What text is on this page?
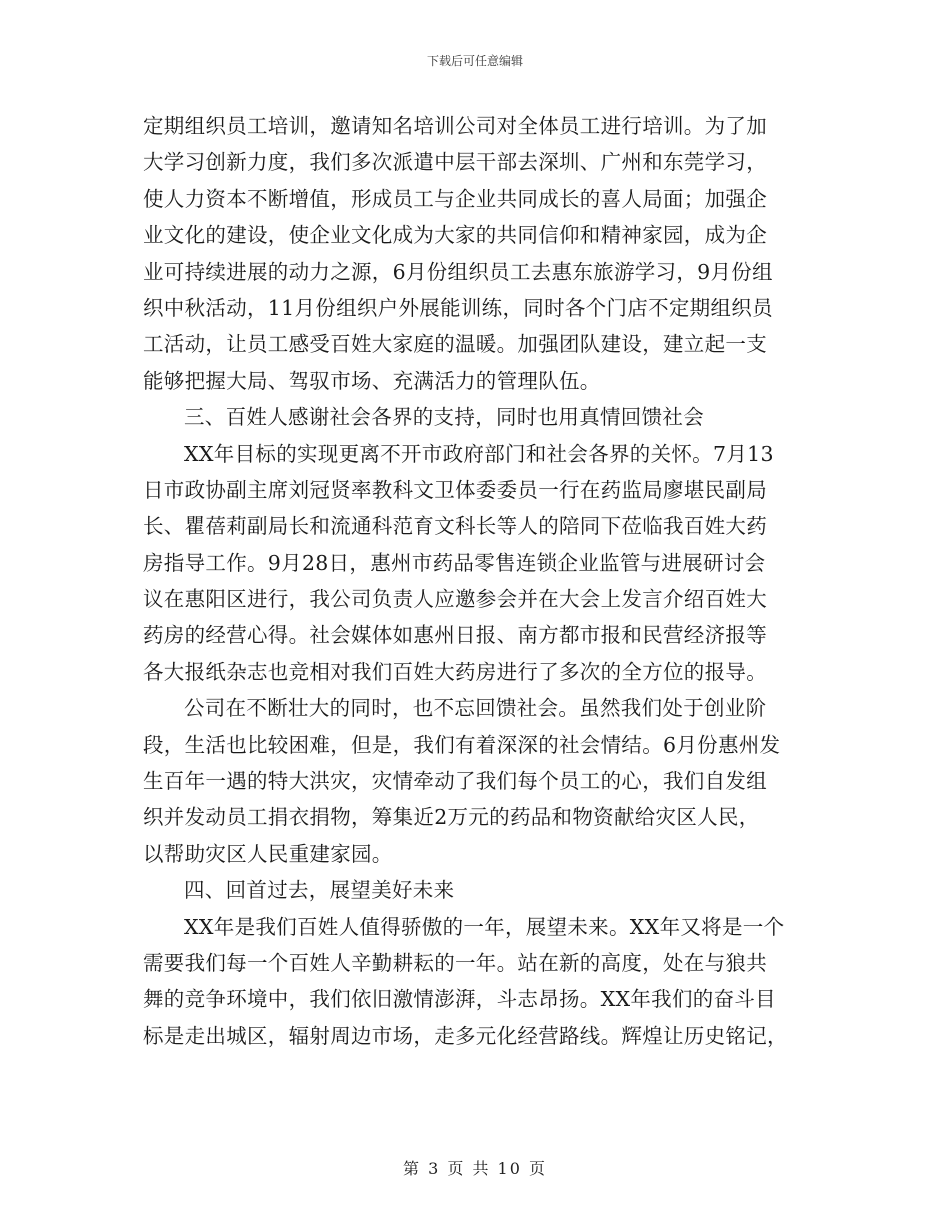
下载后可任意编辑
定期组织员工培训，邀请知名培训公司对全体员工进行培训。为了加
大学习创新力度，我们多次派遣中层干部去深圳、广州和东莞学习，
使人力资本不断增值，形成员工与企业共同成长的喜人局面；加强企
业文化的建设，使企业文化成为大家的共同信仰和精神家园，成为企
业可持续进展的动力之源，6月份组织员工去惠东旅游学习，9月份组
织中秋活动，11月份组织户外展能训练，同时各个门店不定期组织员
工活动，让员工感受百姓大家庭的温暖。加强团队建设，建立起一支
能够把握大局、驾驭市场、充满活力的管理队伍。
三、百姓人感谢社会各界的支持，同时也用真情回馈社会
XX年目标的实现更离不开市政府部门和社会各界的关怀。7月13
日市政协副主席刘冠贤率教科文卫体委委员一行在药监局廖堪民副局
长、瞿蓓莉副局长和流通科范育文科长等人的陪同下莅临我百姓大药
房指导工作。9月28日，惠州市药品零售连锁企业监管与进展研讨会
议在惠阳区进行，我公司负责人应邀参会并在大会上发言介绍百姓大
药房的经营心得。社会媒体如惠州日报、南方都市报和民营经济报等
各大报纸杂志也竞相对我们百姓大药房进行了多次的全方位的报导。
公司在不断壮大的同时，也不忘回馈社会。虽然我们处于创业阶
段，生活也比较困难，但是，我们有着深深的社会情结。6月份惠州发
生百年一遇的特大洪灾，灾情牵动了我们每个员工的心，我们自发组
织并发动员工捐衣捐物，筹集近2万元的药品和物资献给灾区人民，
以帮助灾区人民重建家园。
四、回首过去，展望美好未来
XX年是我们百姓人值得骄傲的一年，展望未来。XX年又将是一个
需要我们每一个百姓人辛勤耕耘的一年。站在新的高度，处在与狼共
舞的竞争环境中，我们依旧激情澎湃，斗志昂扬。XX年我们的奋斗目
标是走出城区，辐射周边市场，走多元化经营路线。辉煌让历史铭记，
第 3 页 共 10 页
